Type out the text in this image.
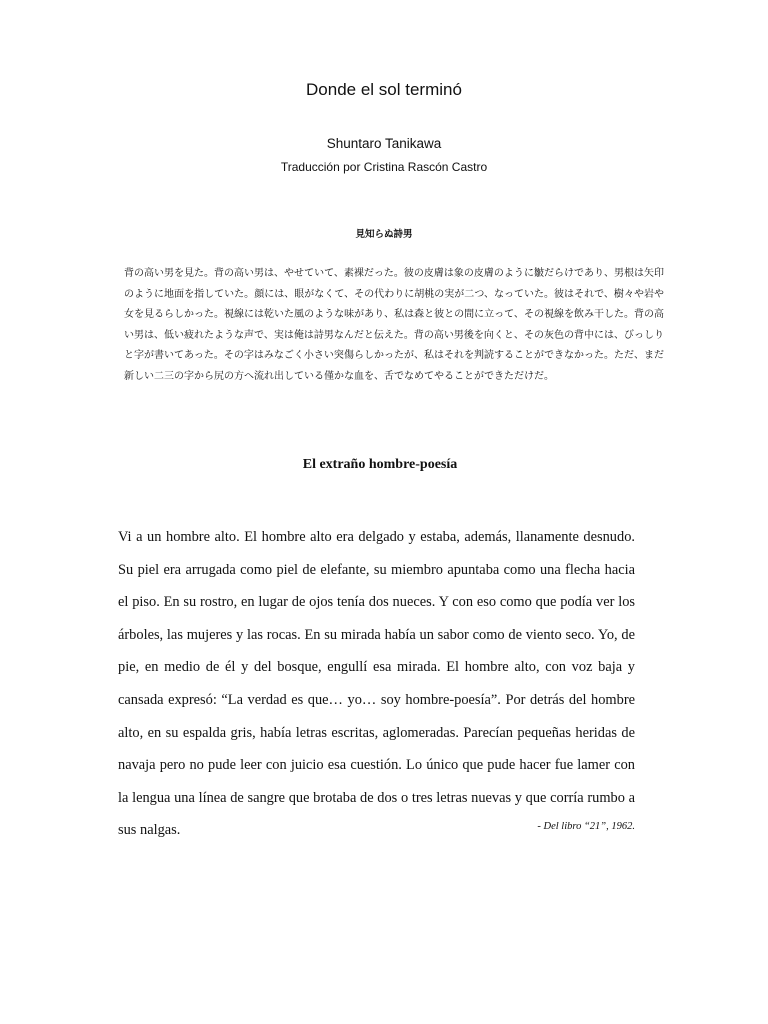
Donde el sol terminó
Shuntaro Tanikawa
Traducción por Cristina Rascón Castro
見知らぬ詩男

背の高い男を見た。背の高い男は、やせていて、素裸だった。彼の皮膚は象の皮膚のように皺だらけであり、男根は矢印のように地面を指していた。顔には、眼がなくて、その代わりに胡桃の実が二つ、なっていた。彼はそれで、樹々や岩や女を見るらしかった。視線には乾いた風のような味があり、私は森と彼との間に立って、その視線を飲み干した。背の高い男は、低い疲れたような声で、実は俺は詩男なんだと伝えた。背の高い男後を向くと、その灰色の背中には、びっしりと字が書いてあった。その字はみなごく小さい突傷らしかったが、私はそれを判読することができなかった。ただ、まだ新しい二三の字から尻の方へ流れ出している僅かな血を、舌でなめてやることができただけだ。

El extraño hombre-poesía

Vi a un hombre alto. El hombre alto era delgado y estaba, además, llanamente desnudo. Su piel era arrugada como piel de elefante, su miembro apuntaba como una flecha hacia el piso. En su rostro, en lugar de ojos tenía dos nueces. Y con eso como que podía ver los árboles, las mujeres y las rocas. En su mirada había un sabor como de viento seco. Yo, de pie, en medio de él y del bosque, engullí esa mirada. El hombre alto, con voz baja y cansada expresó: “La verdad es que… yo… soy hombre-poesía”. Por detrás del hombre alto, en su espalda gris, había letras escritas, aglomeradas. Parecían pequeñas heridas de navaja pero no pude leer con juicio esa cuestión. Lo único que pude hacer fue lamer con la lengua una línea de sangre que brotaba de dos o tres letras nuevas y que corría rumbo a sus nalgas.	- Del libro “21”, 1962.
